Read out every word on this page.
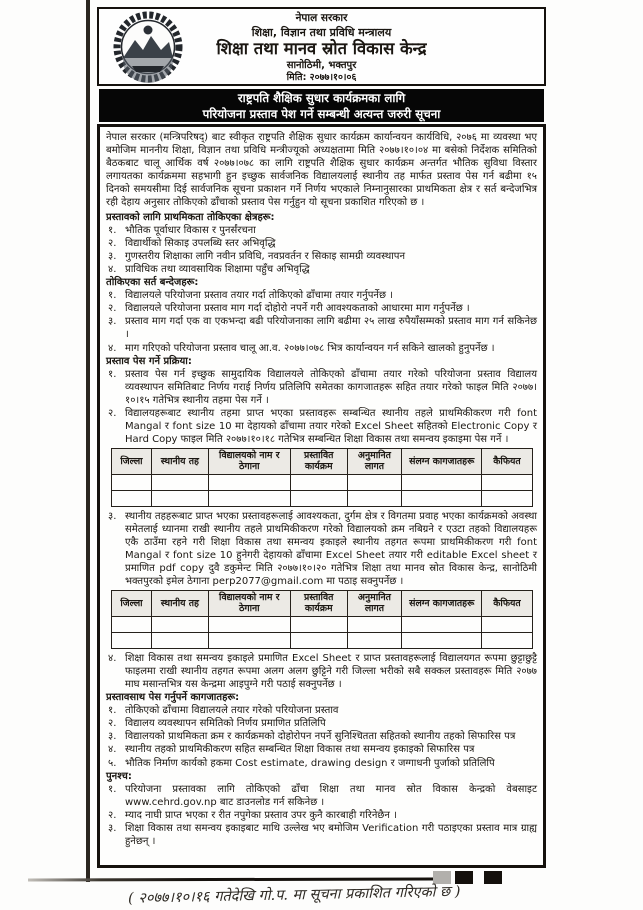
नेपाल सरकार
शिक्षा, विज्ञान तथा प्रविधि मन्त्रालय
शिक्षा तथा मानव स्रोत विकास केन्द्र
सानोठिमी, भक्तपुर
मिति: २०७७।१०।०६
राष्ट्रपति शैक्षिक सुधार कार्यक्रमका लागि
परियोजना प्रस्ताव पेश गर्ने सम्बन्धी अत्यन्त जरुरी सूचना

नेपाल सरकार (मन्त्रिपरिषद्) बाट स्वीकृत राष्ट्रपति शैक्षिक सुधार कार्यक्रम कार्यान्वयन कार्यविधि, २०७६ मा व्यवस्था भए बमोजिम माननीय शिक्षा, विज्ञान तथा प्रविधि मन्त्रीज्यूको अध्यक्षतामा मिति २०७७।१०।०४ मा बसेको निर्देशक समितिको बैठकबाट चालू आर्थिक वर्ष २०७७।०७८ का लागि राष्ट्रपति शैक्षिक सुधार कार्यक्रम अन्तर्गत भौतिक सुविधा विस्तार लगायतका कार्यक्रममा सहभागी हुन इच्छुक सार्वजनिक विद्यालयलाई स्थानीय तह मार्फत प्रस्ताव पेस गर्न बढीमा १५ दिनको समयसीमा दिई सार्वजनिक सूचना प्रकाशन गर्ने निर्णय भएकाले निम्नानुसारका प्राथमिकता क्षेत्र र सर्त बन्देजभित्र रही देहाय अनुसार तोकिएको ढाँचाको प्रस्ताव पेस गर्नुहुन यो सूचना प्रकाशित गरिएको छ ।

प्रस्तावको लागि प्राथमिकता तोकिएका क्षेत्रहरू:
१. भौतिक पूर्वाधार विकास र पुनर्संरचना
२. विद्यार्थीको सिकाइ उपलब्धि स्तर अभिवृद्धि
३. गुणस्तरीय शिक्षाका लागि नवीन प्रविधि, नवप्रवर्तन र सिकाइ सामग्री व्यवस्थापन
४. प्राविधिक तथा व्यावसायिक शिक्षामा पहुँच अभिवृद्धि
तोकिएका सर्त बन्देजहरू:
१. विद्यालयले परियोजना प्रस्ताव तयार गर्दा तोकिएको ढाँचामा तयार गर्नुपर्नेछ ।
२. विद्यालयले परियोजना प्रस्ताव माग गर्दा दोहोरो नपर्ने गरी आवश्यकताको आधारमा माग गर्नुपर्नेछ ।
३. प्रस्ताव माग गर्दा एक वा एकभन्दा बढी परियोजनाका लागि बढीमा २५ लाख रुपैयाँसम्मको प्रस्ताव माग गर्न सकिनेछ ।
४. माग गरिएको परियोजना प्रस्ताव चालू आ.व. २०७७।०७८ भित्र कार्यान्वयन गर्न सकिने खालको हुनुपर्नेछ ।
प्रस्ताव पेस गर्ने प्रक्रिया:
१. प्रस्ताव पेस गर्न इच्छुक सामुदायिक विद्यालयले तोकिएको ढाँचामा तयार गरेको परियोजना प्रस्ताव विद्यालय व्यवस्थापन समितिबाट निर्णय गराई निर्णय प्रतिलिपि समेतका कागजातहरू सहित तयार गरेको फाइल मिति २०७७।१०।१५ गतेभित्र स्थानीय तहमा पेस गर्ने ।
२. विद्यालयहरूबाट स्थानीय तहमा प्राप्त भएका प्रस्तावहरू सम्बन्धित स्थानीय तहले प्राथमिकीकरण गरी font Mangal र font size 10 मा देहायको ढाँचामा तयार गरेको Excel Sheet सहितको Electronic Copy र Hard Copy फाइल मिति २०७७।१०।१८ गतेभित्र सम्बन्धित शिक्षा विकास तथा समन्वय इकाइमा पेस गर्ने ।
जिल्ला	स्थानीय तह	विद्यालयको नाम र ठेगाना	प्रस्तावित कार्यक्रम	अनुमानित लागत	संलग्न कागजातहरू	कैफियत

३. स्थानीय तहहरूबाट प्राप्त भएका प्रस्तावहरूलाई आवश्यकता, दुर्गम क्षेत्र र विगतमा प्रवाह भएका कार्यक्रमको अवस्था समेतलाई ध्यानमा राखी स्थानीय तहले प्राथमिकीकरण गरेको विद्यालयको क्रम नबिग्रने र एउटा तहको विद्यालयहरू एकै ठाउँमा रहने गरी शिक्षा विकास तथा समन्वय इकाइले स्थानीय तहगत रूपमा प्राथमिकीकरण गरी font Mangal र font size 10 हुनेगरी देहायको ढाँचामा Excel Sheet तयार गरी editable Excel sheet र प्रमाणित pdf copy दुवै डकुमेन्ट मिति २०७७।१०।२० गतेभित्र शिक्षा तथा मानव स्रोत विकास केन्द्र, सानोठिमी भक्तपुरको इमेल ठेगाना perp2077@gmail.com मा पठाइ सक्नुपर्नेछ ।
जिल्ला	स्थानीय तह	विद्यालयको नाम र ठेगाना	प्रस्तावित कार्यक्रम	अनुमानित लागत	संलग्न कागजातहरू	कैफियत

४. शिक्षा विकास तथा समन्वय इकाइले प्रमाणित Excel Sheet र प्राप्त प्रस्तावहरूलाई विद्यालयगत रूपमा छुट्टाछुट्टै फाइलमा राखी स्थानीय तहगत रूपमा अलग अलग छुट्टिने गरी जिल्ला भरीको सबै सक्कल प्रस्तावहरू मिति २०७७ माघ मसान्तभित्र यस केन्द्रमा आइपुग्ने गरी पठाई सक्नुपर्नेछ ।
प्रस्तावसाथ पेस गर्नुपर्ने कागजातहरू:
१. तोकिएको ढाँचामा विद्यालयले तयार गरेको परियोजना प्रस्ताव
२. विद्यालय व्यवस्थापन समितिको निर्णय प्रमाणित प्रतिलिपि
३. विद्यालयको प्राथमिकता क्रम र कार्यक्रमको दोहोरोपन नपर्ने सुनिश्चितता सहितको स्थानीय तहको सिफारिस पत्र
४. स्थानीय तहको प्राथमिकीकरण सहित सम्बन्धित शिक्षा विकास तथा समन्वय इकाइको सिफारिस पत्र
५. भौतिक निर्माण कार्यको हकमा Cost estimate, drawing design र जग्गाधनी पुर्जाको प्रतिलिपि
पुनश्च:
१. परियोजना प्रस्तावका लागि तोकिएको ढाँचा शिक्षा तथा मानव स्रोत विकास केन्द्रको वेबसाइट www.cehrd.gov.np बाट डाउनलोड गर्न सकिनेछ ।
२. म्याद नाघी प्राप्त भएका र रीत नपुगेका प्रस्ताव उपर कुनै कारबाही गरिनेछैन ।
३. शिक्षा विकास तथा समन्वय इकाइबाट माथि उल्लेख भए बमोजिम Verification गरी पठाइएका प्रस्ताव मात्र ग्राह्य हुनेछन् ।
( २०७७।१०।१६ गतेदेखि गो.प. मा सूचना प्रकाशित गरिएको छ )
